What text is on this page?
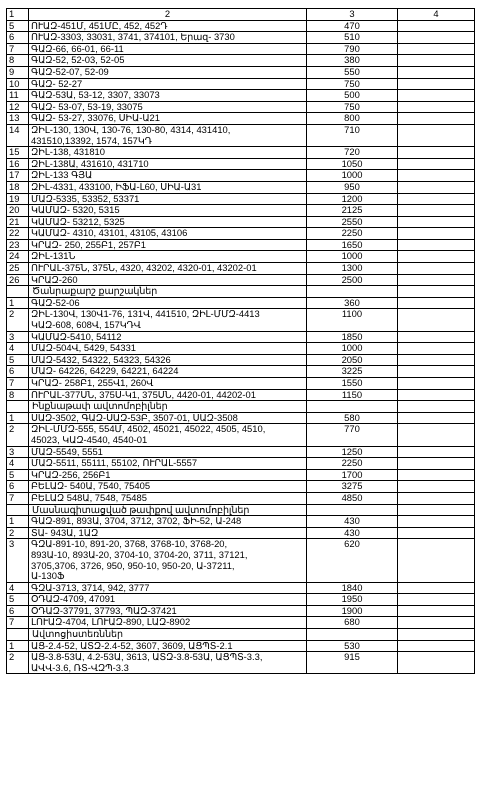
1	2	3	4
5	ՈՒԱԶ-451Մ, 451ՄԸ, 452, 452Դ	470	
6	ՈՒԱԶ-3303, 33031, 3741, 374101, Երազ- 3730	510	
7	ԳԱԶ-66, 66-01, 66-11	790	
8	ԳԱԶ-52, 52-03, 52-05	380	
9	ԳԱԶ-52-07, 52-09	550	
10	ԳԱԶ- 52-27	750	
11	ԳԱԶ-53Ա, 53-12, 3307, 33073	500	
12	ԳԱԶ- 53-07, 53-19, 33075	750	
13	ԳԱԶ- 53-27, 33076, ՍԻԱ-Ա21	800	
14	ԶԻԼ-130, 130Վ, 130-76, 130-80, 4314, 431410,
431510,13392, 1574, 157ԿԴ	710	
15	ԶԻԼ-138, 431810	720	
16	ԶԻԼ-138Ա, 431610, 431710	1050	
17	ԶԻԼ-133 ԳՅԱ	1000	
18	ԶԻԼ-4331, 433100, ԻՖԱ-Լ60, ՍԻԱ-Ա31	950	
19	ՄԱԶ-5335, 53352, 53371	1200	
20	ԿԱՄԱԶ- 5320, 5315	2125	
21	ԿԱՄԱԶ- 53212, 5325	2550	
22	ԿԱՄԱԶ- 4310, 43101, 43105, 43106	2250	
23	ԿՐԱԶ- 250, 255Բ1, 257Բ1	1650	
24	ԶԻԼ-131Ն	1000	
25	ՈՒՐԱԼ-375Ն, 375Ն, 4320, 43202, 4320-01, 43202-01	1300	
26	ԿՐԱԶ-260	2500	
	Ծանրաքարշ քարշակներ		
1	ԳԱԶ-52-06	360	
2	ԶԻԼ-130Վ, 130Վ1-76, 131Վ, 441510, ԶԻԼ-ՄՄԶ-4413
ԿԱԶ-608, 608Վ, 157ԿԴՎ	1100	
3	ԿԱՄԱԶ-5410, 54112	1850	
4	ՄԱԶ-504Վ, 5429, 54331	1000	
5	ՄԱԶ-5432, 54322, 54323, 54326	2050	
6	ՄԱԶ- 64226, 64229, 64221, 64224	3225	
7	ԿՐԱԶ- 258Բ1, 255Վ1, 260Վ	1550	
8	ՈՒՐԱԼ-377ՍՆ, 375Ս-Կ1, 375ՍՆ, 4420-01, 44202-01	1150	
	Ինքնաթափ ավտոմոբիլներ		
1	ՍԱԶ-3502, ԳԱԶ-ՍԱԶ-53Բ, 3507-01, ՍԱԶ-3508	580	
2	ԶԻԼ-ՄՄԶ-555, 554Մ, 4502, 45021, 45022, 4505, 4510,
45023, ԿԱԶ-4540, 4540-01	770	
3	ՄԱԶ-5549, 5551	1250	
4	ՄԱԶ-5511, 55111, 55102, ՈՒՐԱԼ-5557	2250	
5	ԿՐԱԶ-256, 256Բ1	1700	
6	ԲԵԼԱԶ- 540Ա, 7540, 75405	3275	
7	ԲԵԼԱԶ 548Ա, 7548, 75485	4850	
	Մասնագիտացված թափքով ավտոմոբիլներ		
1	ԳԱԶ-891, 893Ա, 3704, 3712, 3702, ՖԻ-52, Ա-248	430	
2	ՏԱ- 943Ա, 1ԱԶ	430	
3	ԳԶԱ-891-10, 891-20, 3768, 3768-10, 3768-20,
893Ա-10, 893Ա-20, 3704-10, 3704-20, 3711, 37121,
3705,3706, 3726, 950, 950-10, 950-20, Ա-37211,
Ա-130Ֆ	620	
4	ԳԶԱ-3713, 3714, 942, 3777	1840	
5	ՕԴԱԶ-4709, 47091	1950	
6	ՕԴԱԶ-37791, 37793, ՊԱԶ-37421	1900	
7	ԼՈՒԱԶ-4704, ԼՈՒԱԶ-890, ԼԱԶ-8902	680	
	Ավտոցիստեռններ		
1	ԱՑ-2.4-52, ԱՏԶ-2.4-52, 3607, 3609, ԱՑՊՏ-2.1	530	
2	ԱՑ-3.8-53Ա, 4.2-53Ա, 3613, ԱՏԶ-3.8-53Ա, ԱՑՊՏ-3.3,
ԱՎՎ-3.6, ՌՏ-ՎԶՊ-3.3	915	
